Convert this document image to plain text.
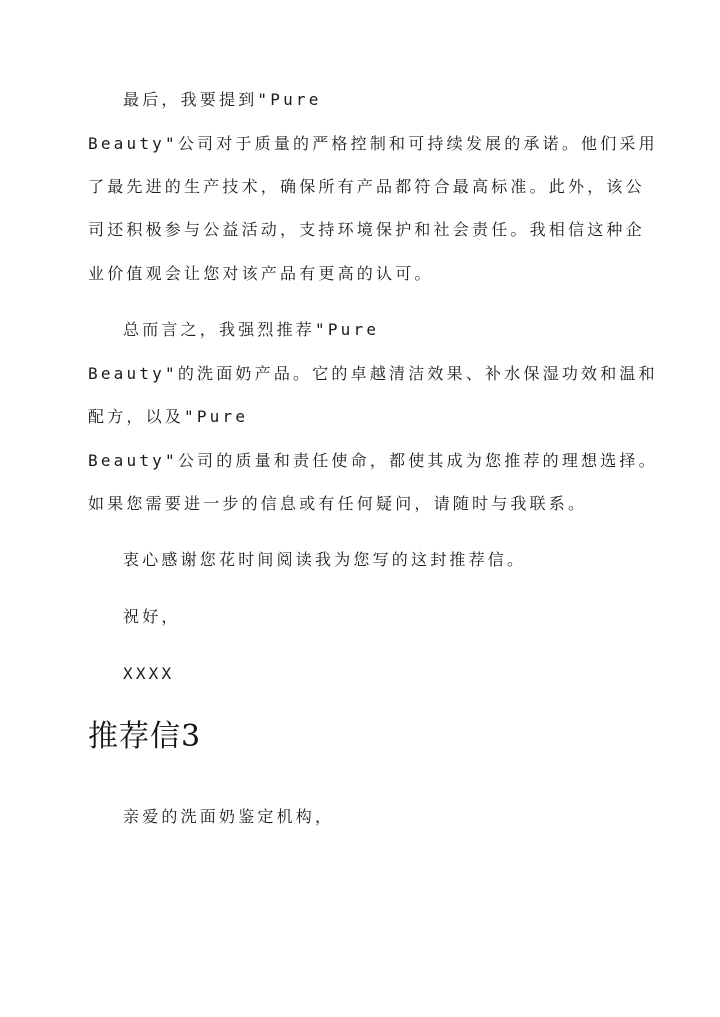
最后，我要提到"Pure
Beauty"公司对于质量的严格控制和可持续发展的承诺。他们采用
了最先进的生产技术，确保所有产品都符合最高标准。此外，该公
司还积极参与公益活动，支持环境保护和社会责任。我相信这种企
业价值观会让您对该产品有更高的认可。
总而言之，我强烈推荐"Pure
Beauty"的洗面奶产品。它的卓越清洁效果、补水保湿功效和温和
配方，以及"Pure
Beauty"公司的质量和责任使命，都使其成为您推荐的理想选择。
如果您需要进一步的信息或有任何疑问，请随时与我联系。
衷心感谢您花时间阅读我为您写的这封推荐信。
祝好，
XXXX
推荐信3
亲爱的洗面奶鉴定机构，
